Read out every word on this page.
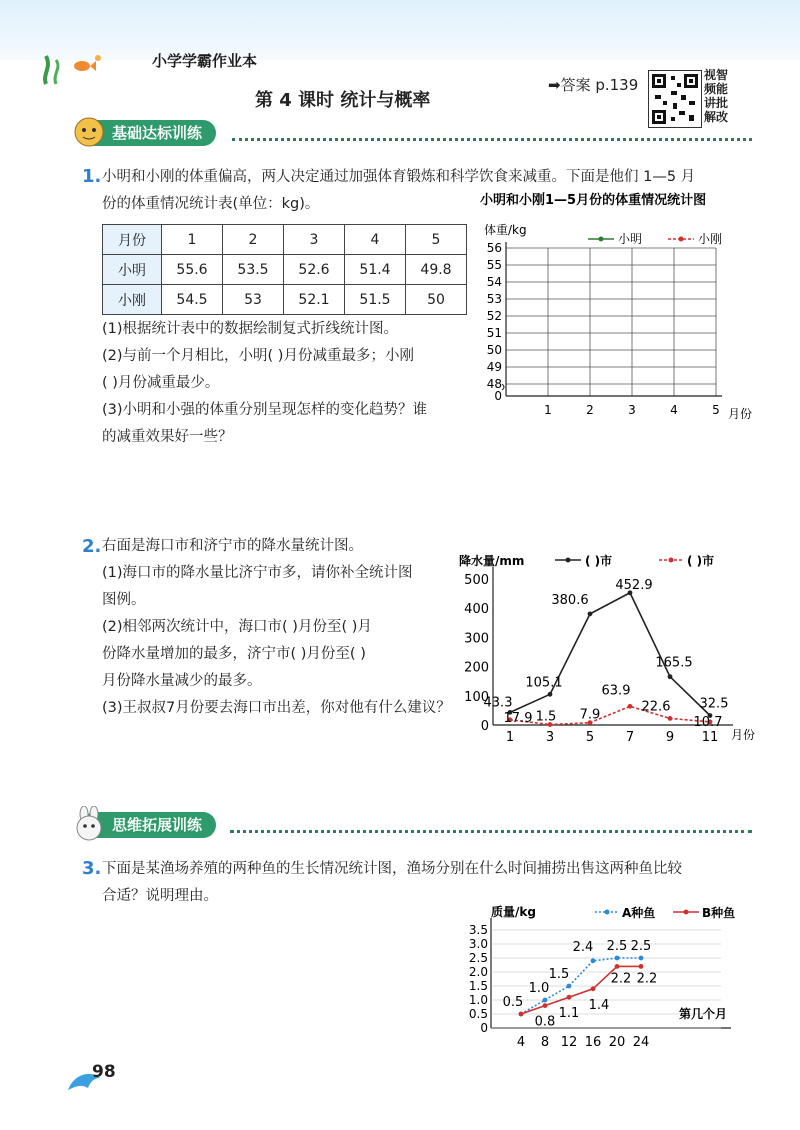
小学学霸作业本
第 4 课时 统计与概率
➡答案 p.139
视智
频能
讲批
解改
基础达标训练
1. 小明和小刚的体重偏高，两人决定通过加强体育锻炼和科学饮食来减重。下面是他们 1—5 月
份的体重情况统计表(单位：kg)。
月份	1	2	3	4	5
小明	55.6	53.5	52.6	51.4	49.8
小刚	54.5	53	52.1	51.5	50
(1)根据统计表中的数据绘制复式折线统计图。
(2)与前一个月相比，小明( )月份减重最多；小刚
( )月份减重最少。
(3)小明和小强的体重分别呈现怎样的变化趋势？谁
的减重效果好一些？
小明和小刚1—5月份的体重情况统计图
体重/kg
小明	小刚
0
48
49
50
51
52
53
54
55
56
1	2	3	4	5 月份
2. 右面是海口市和济宁市的降水量统计图。
(1)海口市的降水量比济宁市多，请你补全统计图
图例。
(2)相邻两次统计中，海口市( )月份至( )月
份降水量增加的最多，济宁市( )月份至( )
月份降水量减少的最多。
(3)王叔叔7月份要去海口市出差，你对他有什么建议？
降水量/mm	( )市	( )市
0
100
200
300
400
500
1 3 5 7 9 11
43.3
105.1
380.6
452.9
165.5
32.5
17.9 1.5 7.9
63.9
22.6
10.7
月份
思维拓展训练
3. 下面是某渔场养殖的两种鱼的生长情况统计图，渔场分别在什么时间捕捞出售这两种鱼比较
合适？说明理由。
质量/kg	A种鱼	B种鱼
0
0.5
1.0
1.5
2.0
2.5
3.0
3.5
4 8 12 16 20 24
0.5
1.0
1.5
2.4 2.5 2.5
0.8
1.1
1.4
2.2 2.2
第几个月
98
